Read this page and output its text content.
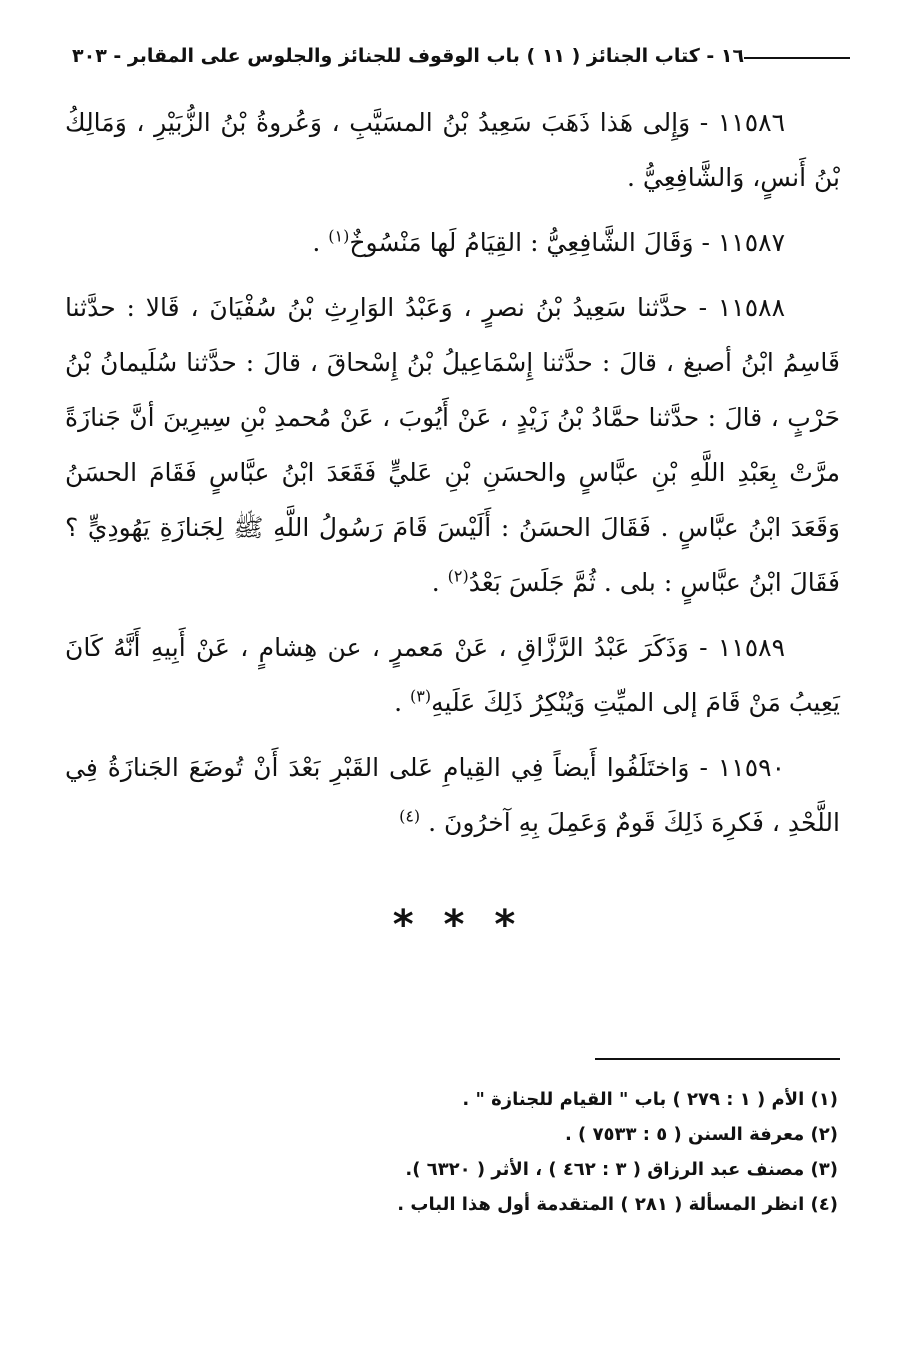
١٦ - كتاب الجنائز ( ١١ ) باب الوقوف للجنائز والجلوس على المقابر - ٣٠٣

١١٥٨٦ - وَإِلى هَذا ذَهَبَ سَعِيدُ بْنُ المسَيَّبِ ، وَعُروةُ بْنُ الزُّبَيْرِ ، وَمَالِكُ بْنُ أَنسٍ، وَالشَّافِعِيُّ .

١١٥٨٧ - وَقَالَ الشَّافِعِيُّ : القِيَامُ لَها مَنْسُوخٌ$^{(١)}$ .

١١٥٨٨ - حدَّثنا سَعِيدُ بْنُ نصرٍ ، وَعَبْدُ الوَارِثِ بْنُ سُفْيَانَ ، قَالا : حدَّثنا قَاسِمُ ابْنُ أصبغ ، قالَ : حدَّثنا إِسْمَاعِيلُ بْنُ إِسْحاقَ ، قالَ : حدَّثنا سُلَيمانُ بْنُ حَرْبٍ ، قالَ : حدَّثنا حمَّادُ بْنُ زَيْدٍ ، عَنْ أَيُوبَ ، عَنْ مُحمدِ بْنِ سِيرِينَ أنَّ جَنازَةً مرَّتْ بِعَبْدِ اللَّهِ بْنِ عبَّاسٍ والحسَنِ بْنِ عَليٍّ فَقَعَدَ ابْنُ عبَّاسٍ فَقَامَ الحسَنُ وَقَعَدَ ابْنُ عبَّاسٍ . فَقَالَ الحسَنُ : أَلَيْسَ قَامَ رَسُولُ اللَّهِ ﷺ لِجَنازَةِ يَهُودِيٍّ ؟ فَقَالَ ابْنُ عبَّاسٍ : بلى . ثُمَّ جَلَسَ بَعْدُ$^{(٢)}$ .

١١٥٨٩ - وَذَكَرَ عَبْدُ الرَّزَّاقِ ، عَنْ مَعمرٍ ، عن هِشامٍ ، عَنْ أَبِيهِ أَنَّهُ كَانَ يَعِيبُ مَنْ قَامَ إلى الميِّتِ وَيُنْكِرُ ذَلِكَ عَلَيهِ$^{(٣)}$ .

١١٥٩٠ - وَاختَلَفُوا أَيضاً فِي القِيامِ عَلى القَبْرِ بَعْدَ أَنْ تُوضَعَ الجَنازَةُ فِي اللَّحْدِ ، فَكرِهَ ذَلِكَ قَومٌ وَعَمِلَ بِهِ آخرُونَ . $^{(٤)}$

* * *
(١) الأم ( ١ : ٢٧٩ ) باب " القيام للجنازة " .
(٢) معرفة السنن ( ٥ : ٧٥٣٣ ) .
(٣) مصنف عبد الرزاق ( ٣ : ٤٦٢ ) ، الأثر ( ٦٣٢٠ ).
(٤) انظر المسألة ( ٢٨١ ) المتقدمة أول هذا الباب .
